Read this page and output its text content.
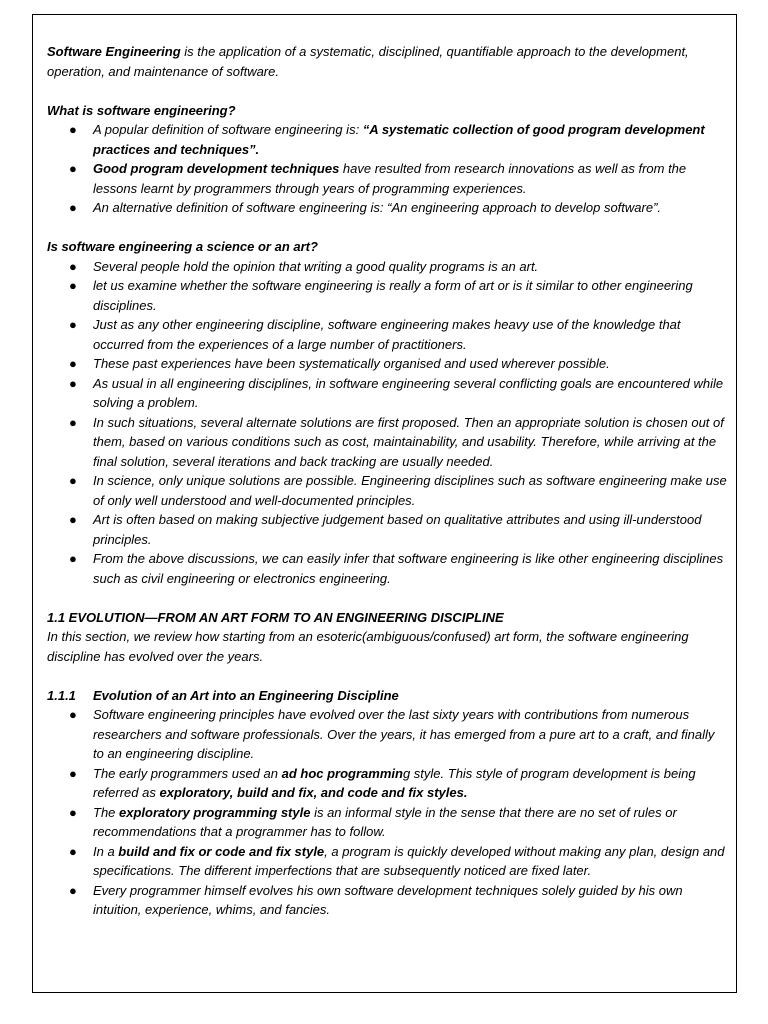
Software Engineering is the application of a systematic, disciplined, quantifiable approach to the development, operation, and maintenance of software.

What is software engineering?

● A popular definition of software engineering is: “A systematic collection of good program development practices and techniques”.
● Good program development techniques have resulted from research innovations as well as from the lessons learnt by programmers through years of programming experiences.
● An alternative definition of software engineering is: “An engineering approach to develop software”.

Is software engineering a science or an art?

● Several people hold the opinion that writing a good quality programs is an art.
● let us examine whether the software engineering is really a form of art or is it similar to other engineering disciplines.
● Just as any other engineering discipline, software engineering makes heavy use of the knowledge that occurred from the experiences of a large number of practitioners.
● These past experiences have been systematically organised and used wherever possible.
● As usual in all engineering disciplines, in software engineering several conflicting goals are encountered while solving a problem.
● In such situations, several alternate solutions are first proposed. Then an appropriate solution is chosen out of them, based on various conditions such as cost, maintainability, and usability. Therefore, while arriving at the final solution, several iterations and back tracking are usually needed.
● In science, only unique solutions are possible. Engineering disciplines such as software engineering make use of only well understood and well-documented principles.
● Art is often based on making subjective judgement based on qualitative attributes and using ill-understood principles.
● From the above discussions, we can easily infer that software engineering is like other engineering disciplines such as civil engineering or electronics engineering.

1.1 EVOLUTION—FROM AN ART FORM TO AN ENGINEERING DISCIPLINE

In this section, we review how starting from an esoteric(ambiguous/confused) art form, the software engineering discipline has evolved over the years.

1.1.1 Evolution of an Art into an Engineering Discipline

● Software engineering principles have evolved over the last sixty years with contributions from numerous researchers and software professionals. Over the years, it has emerged from a pure art to a craft, and finally to an engineering discipline.
● The early programmers used an ad hoc programming style. This style of program development is being referred as exploratory, build and fix, and code and fix styles.
● The exploratory programming style is an informal style in the sense that there are no set of rules or recommendations that a programmer has to follow.
● In a build and fix or code and fix style, a program is quickly developed without making any plan, design and specifications. The different imperfections that are subsequently noticed are fixed later.
● Every programmer himself evolves his own software development techniques solely guided by his own intuition, experience, whims, and fancies.
